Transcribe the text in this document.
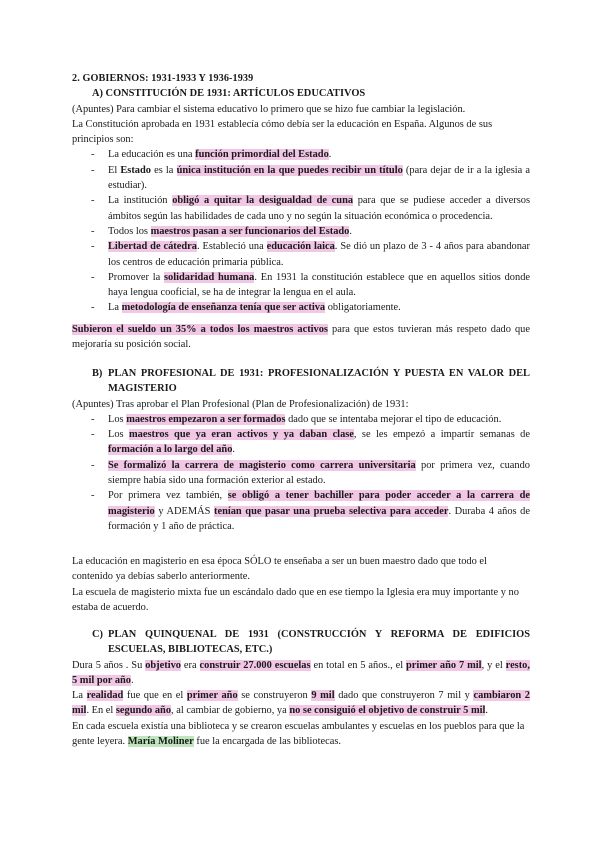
2. GOBIERNOS: 1931-1933 Y 1936-1939

A) CONSTITUCIÓN DE 1931: ARTÍCULOS EDUCATIVOS

(Apuntes) Para cambiar el sistema educativo lo primero que se hizo fue cambiar la legislación.

La Constitución aprobada en 1931 establecía cómo debía ser la educación en España. Algunos de sus principios son:

- La educación es una función primordial del Estado.
- El Estado es la única institución en la que puedes recibir un título (para dejar de ir a la iglesia a estudiar).
- La institución obligó a quitar la desigualdad de cuna para que se pudiese acceder a diversos ámbitos según las habilidades de cada uno y no según la situación económica o procedencia.
- Todos los maestros pasan a ser funcionarios del Estado.
- Libertad de cátedra. Estableció una educación laica. Se dió un plazo de 3 - 4 años para abandonar los centros de educación primaria pública.
- Promover la solidaridad humana. En 1931 la constitución establece que en aquellos sitios donde haya lengua cooficial, se ha de integrar la lengua en el aula.
- La metodología de enseñanza tenía que ser activa obligatoriamente.
Subieron el sueldo un 35% a todos los maestros activos para que estos tuvieran más respeto dado que mejoraría su posición social.
B) PLAN PROFESIONAL DE 1931: PROFESIONALIZACIÓN Y PUESTA EN VALOR DEL MAGISTERIO

(Apuntes) Tras aprobar el Plan Profesional (Plan de Profesionalización) de 1931:

- Los maestros empezaron a ser formados dado que se intentaba mejorar el tipo de educación.
- Los maestros que ya eran activos y ya daban clase, se les empezó a impartir semanas de formación a lo largo del año.
- Se formalizó la carrera de magisterio como carrera universitaria por primera vez, cuando siempre había sido una formación exterior al estado.
- Por primera vez también, se obligó a tener bachiller para poder acceder a la carrera de magisterio y ADEMÁS tenían que pasar una prueba selectiva para acceder. Duraba 4 años de formación y 1 año de práctica.

La educación en magisterio en esa época SÓLO te enseñaba a ser un buen maestro dado que todo el contenido ya debías saberlo anteriormente.

La escuela de magisterio mixta fue un escándalo dado que en ese tiempo la Iglesia era muy importante y no estaba de acuerdo.

C) PLAN QUINQUENAL DE 1931 (CONSTRUCCIÓN Y REFORMA DE EDIFICIOS ESCUELAS, BIBLIOTECAS, ETC.)

Dura 5 años . Su objetivo era construir 27.000 escuelas en total en 5 años., el primer año 7 mil, y el resto, 5 mil por año.

La realidad fue que en el primer año se construyeron 9 mil dado que construyeron 7 mil y cambiaron 2 mil. En el segundo año, al cambiar de gobierno, ya no se consiguió el objetivo de construir 5 mil.

En cada escuela existía una biblioteca y se crearon escuelas ambulantes y escuelas en los pueblos para que la gente leyera. María Moliner fue la encargada de las bibliotecas.
